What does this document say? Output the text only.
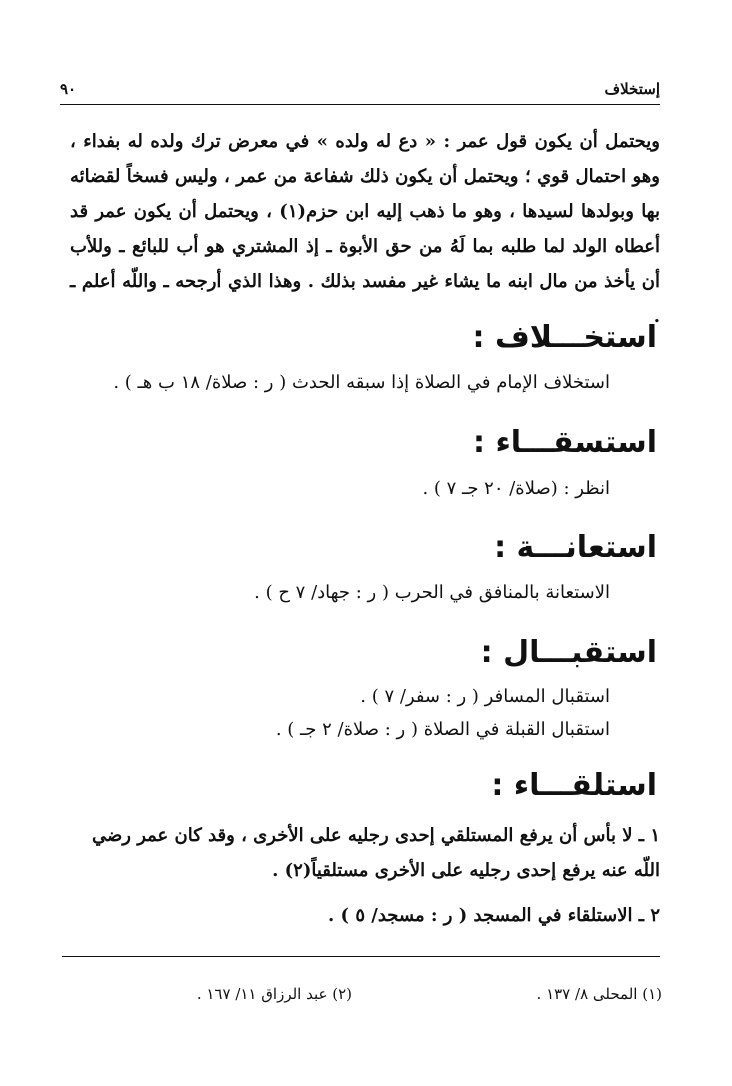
إستخلاف
٩٠
ويحتمل أن يكون قول عمر : « دع له ولده » في معرض ترك ولده له بفداء ، وهو احتمال قوي ؛ ويحتمل أن يكون ذلك شفاعة من عمر ، وليس فسخاً لقضائه بها وبولدها لسيدها ، وهو ما ذهب إليه ابن حزم(١) ، ويحتمل أن يكون عمر قد أعطاه الولد لما طلبه بما لَهُ من حق الأبوة ـ إذ المشتري هو أب للبائع ـ وللأب أن يأخذ من مال ابنه ما يشاء غير مفسد بذلك . وهذا الذي أرجحه ـ واللّه أعلم ـ .
استخـــلاف :
استخلاف الإمام في الصلاة إذا سبقه الحدث ( ر : صلاة/ ١٨ ب هـ ) .
استسقـــاء :
انظر : (صلاة/ ٢٠ جـ ٧ ) .
استعانـــة :
الاستعانة بالمنافق في الحرب ( ر : جهاد/ ٧ ح ) .
استقبـــال :
استقبال المسافر ( ر : سفر/ ٧ ) .
استقبال القبلة في الصلاة ( ر : صلاة/ ٢ جـ ) .
استلقـــاء :
١ ـ لا بأس أن يرفع المستلقي إحدى رجليه على الأخرى ، وقد كان عمر رضي اللّه عنه يرفع إحدى رجليه على الأخرى مستلقياً(٢) .
٢ ـ الاستلقاء في المسجد ( ر : مسجد/ ٥ ) .
(١) المحلى ٨/ ١٣٧ .
(٢) عبد الرزاق ١١/ ١٦٧ .
